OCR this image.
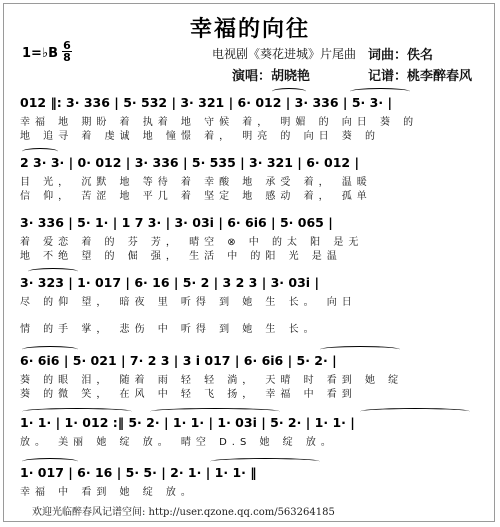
幸福的向往
1=♭B
6
8	电视剧《葵花进城》片尾曲 词曲：佚名
演唱：胡晓艳	记谱：桃李醉春风
012 ‖: 3· 336 | 5· 532 | 3· 321 | 6· 012 | 3· 336 | 5· 3· |
幸福 地 期盼 着 执着 地 守候 着， 明媚 的 向日 葵 的
地 追寻 着 虔诚 地 憧憬 着， 明亮 的 向日 葵 的
2 3· 3· | 0· 012 | 3· 336 | 5· 535 | 3· 321 | 6· 012 |
目 光， 沉默 地 等待 着 幸酸 地 承受 着， 温暖
信 仰， 苦涩 地 平几 着 坚定 地 感动 着， 孤单
3· 336 | 5· 1· | 1 7 3· | 3· 03i | 6· 6i6 | 5· 065 |
着 爱恋 着 的 芬 芳， 晴空 ⊗ 中 的太 阳 是无
地 不绝 望 的 倔 强， 生活 中 的阳 光 是温
3· 323 | 1· 017 | 6· 16 | 5· 2 | 3 2 3 | 3· 03i |
尽 的仰 望， 暗夜 里 听得 到 她 生 长。 向日
情 的手 掌， 悲伤 中 听得 到 她 生 长。
6· 6i6 | 5· 021 | 7· 2 3 | 3 i 017 | 6· 6i6 | 5· 2· |
葵 的眼 泪， 随着 雨 轻 轻 淌， 天晴 时 看到 她 绽
葵 的微 笑， 在风 中 轻 飞 扬， 幸福 中 看到
1· 1· | 1· 012 :‖ 5· 2· | 1· 1· | 1· 03i | 5· 2· | 1· 1· |
放。 美丽 她 绽 放。 晴空 D.S 她 绽 放。
1· 017 | 6· 16 | 5· 5· | 2· 1· | 1· 1· ‖
幸福 中 看到 她 绽 放。
欢迎光临醉春风记谱空间: http://user.qzone.qq.com/563264185
